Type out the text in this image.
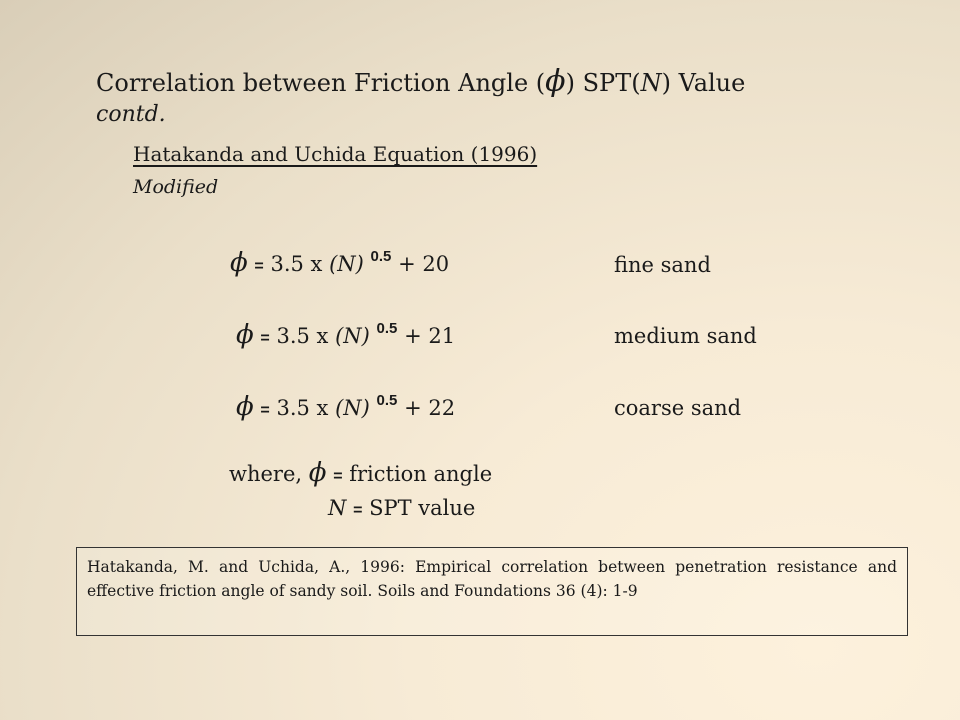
Correlation between Friction Angle (ϕ) SPT(N) Value
contd.
Hatakanda and Uchida Equation (1996)
Modified
ϕ = 3.5 x (N) $^{0.5}$ + 20	fine sand
ϕ = 3.5 x (N) $^{0.5}$ + 21	medium sand
ϕ = 3.5 x (N) $^{0.5}$ + 22	coarse sand
where, ϕ = friction angle
N = SPT value
Hatakanda, M. and Uchida, A., 1996: Empirical correlation between penetration resistance and effective friction angle of sandy soil. Soils and Foundations 36 (4): 1-9
